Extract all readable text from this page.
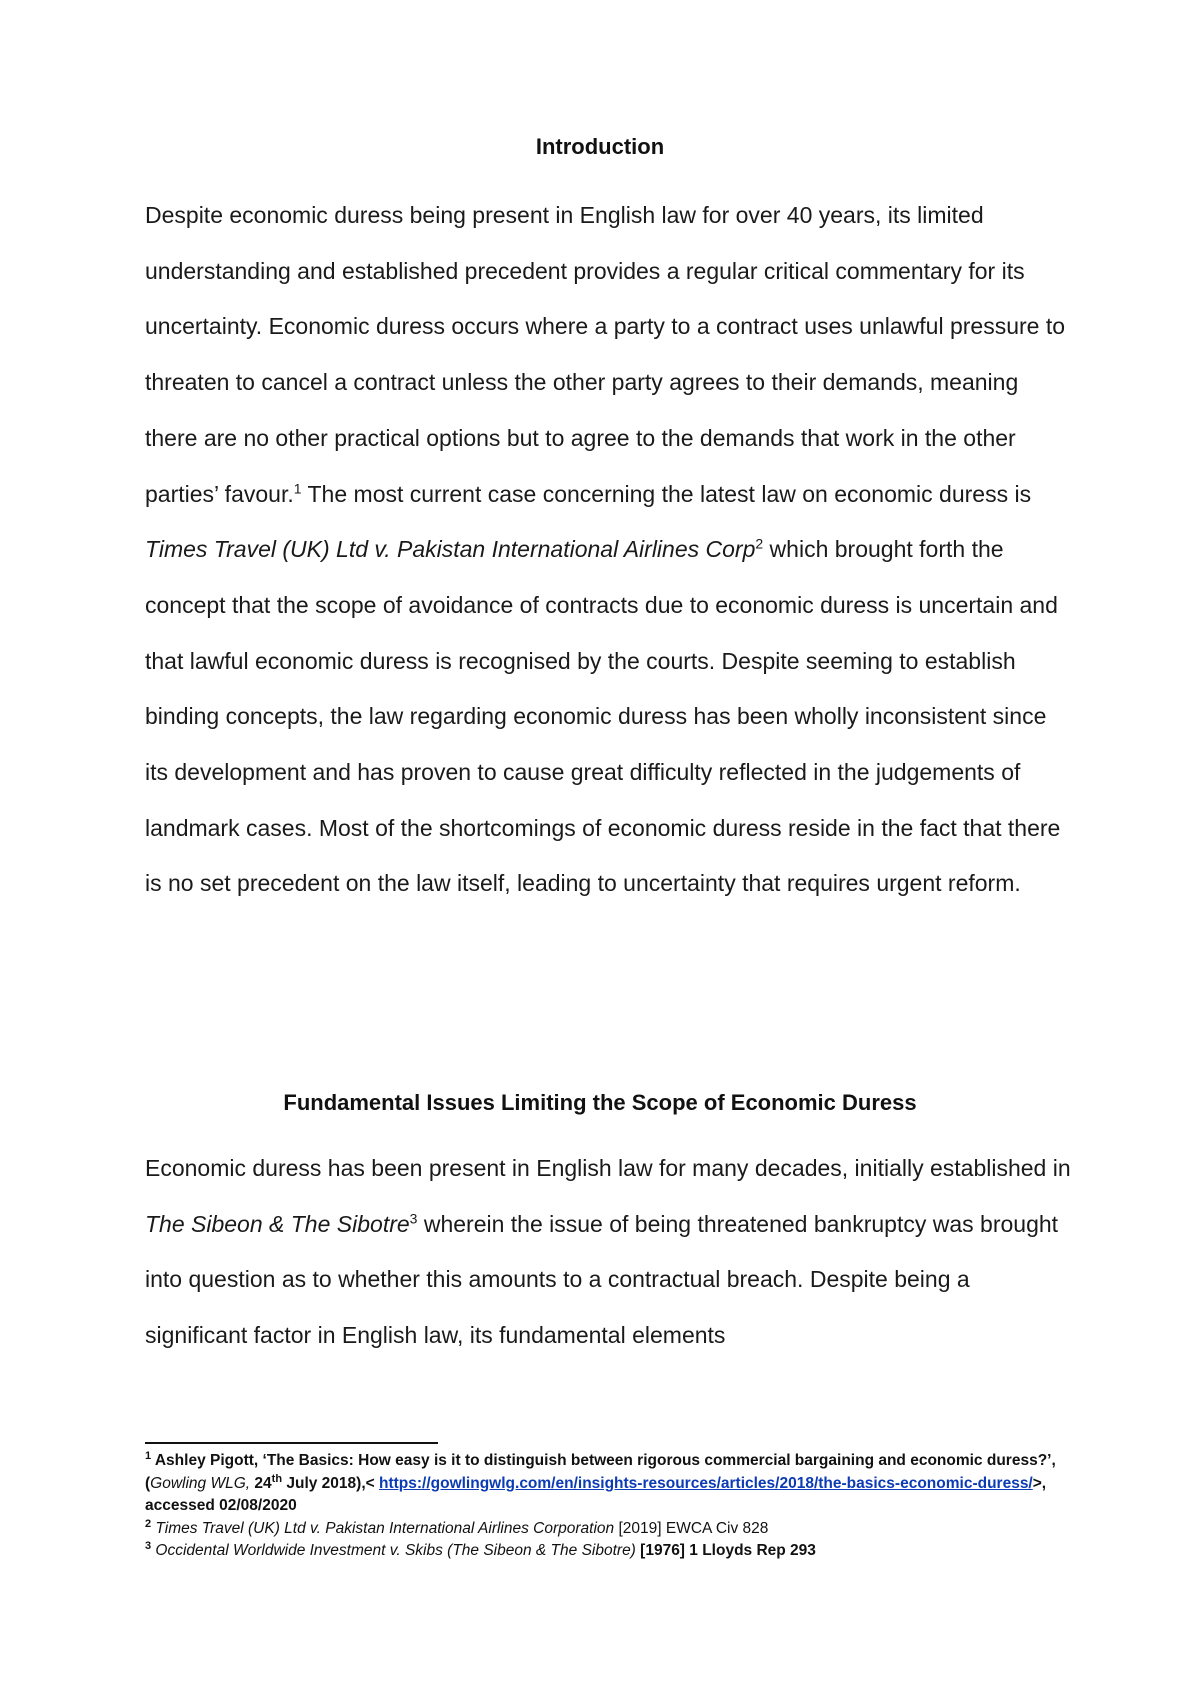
Introduction

Despite economic duress being present in English law for over 40 years, its limited understanding and established precedent provides a regular critical commentary for its uncertainty. Economic duress occurs where a party to a contract uses unlawful pressure to threaten to cancel a contract unless the other party agrees to their demands, meaning there are no other practical options but to agree to the demands that work in the other parties’ favour.$^1$ The most current case concerning the latest law on economic duress is Times Travel (UK) Ltd v. Pakistan International Airlines Corp$^2$ which brought forth the concept that the scope of avoidance of contracts due to economic duress is uncertain and that lawful economic duress is recognised by the courts. Despite seeming to establish binding concepts, the law regarding economic duress has been wholly inconsistent since its development and has proven to cause great difficulty reflected in the judgements of landmark cases. Most of the shortcomings of economic duress reside in the fact that there is no set precedent on the law itself, leading to uncertainty that requires urgent reform.

Fundamental Issues Limiting the Scope of Economic Duress

Economic duress has been present in English law for many decades, initially established in The Sibeon & The Sibotre$^3$ wherein the issue of being threatened bankruptcy was brought into question as to whether this amounts to a contractual breach. Despite being a significant factor in English law, its fundamental elements

$^1$ Ashley Pigott, ‘The Basics: How easy is it to distinguish between rigorous commercial bargaining and economic duress?’, (Gowling WLG, 24th July 2018),< https://gowlingwlg.com/en/insights-resources/articles/2018/the-basics-economic-duress/>, accessed 02/08/2020

$^2$ Times Travel (UK) Ltd v. Pakistan International Airlines Corporation [2019] EWCA Civ 828

$^3$ Occidental Worldwide Investment v. Skibs (The Sibeon & The Sibotre) [1976] 1 Lloyds Rep 293
